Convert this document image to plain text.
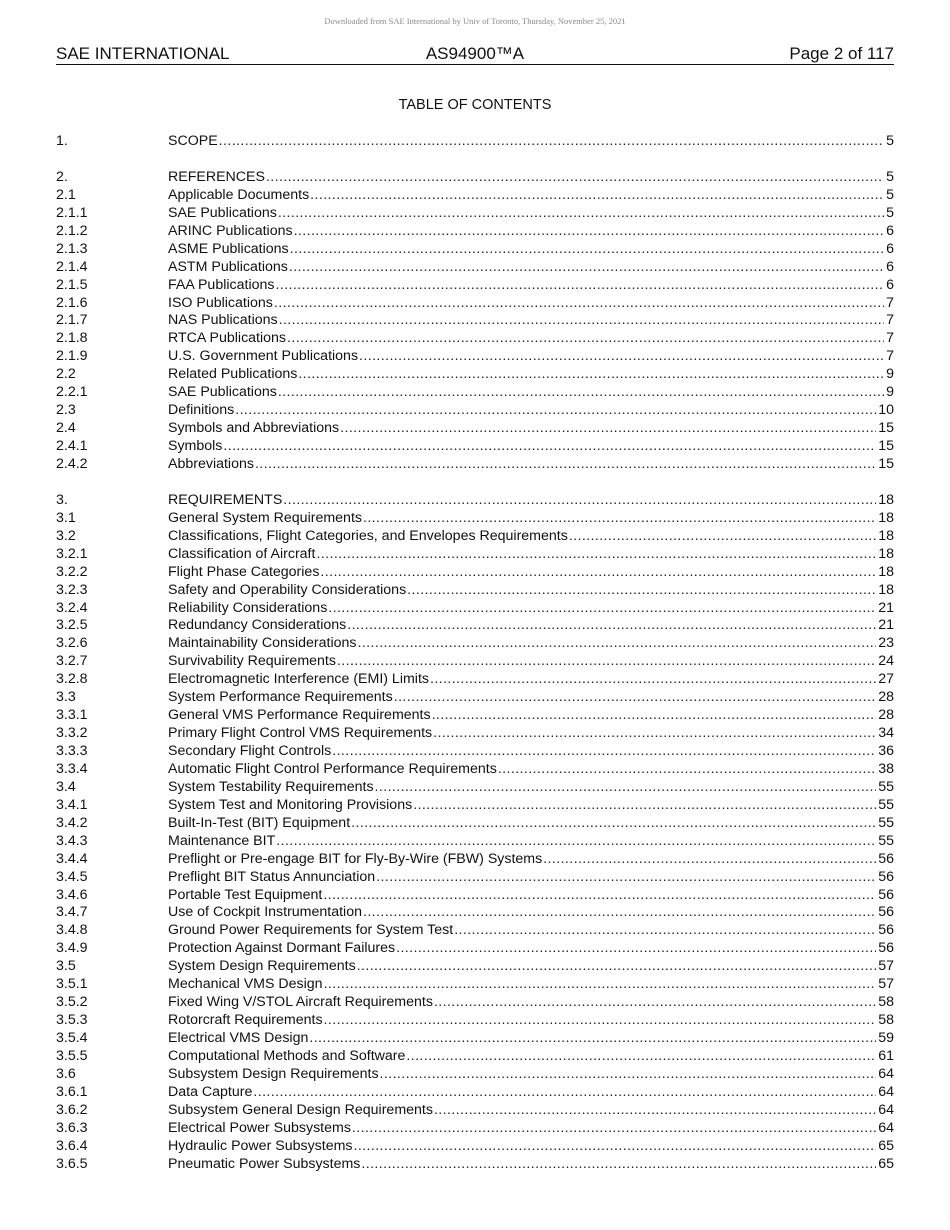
Downloaded from SAE International by Univ of Toronto, Thursday, November 25, 2021
SAE INTERNATIONAL	AS94900™A	Page 2 of 117
TABLE OF CONTENTS
1.	SCOPE .....	5
2.	REFERENCES .....	5
2.1	Applicable Documents .....	5
2.1.1	SAE Publications .....	5
2.1.2	ARINC Publications .....	6
2.1.3	ASME Publications .....	6
2.1.4	ASTM Publications .....	6
2.1.5	FAA Publications .....	6
2.1.6	ISO Publications .....	7
2.1.7	NAS Publications .....	7
2.1.8	RTCA Publications .....	7
2.1.9	U.S. Government Publications .....	7
2.2	Related Publications .....	9
2.2.1	SAE Publications .....	9
2.3	Definitions .....	10
2.4	Symbols and Abbreviations .....	15
2.4.1	Symbols .....	15
2.4.2	Abbreviations .....	15
3.	REQUIREMENTS .....	18
3.1	General System Requirements .....	18
3.2	Classifications, Flight Categories, and Envelopes Requirements .....	18
3.2.1	Classification of Aircraft .....	18
3.2.2	Flight Phase Categories .....	18
3.2.3	Safety and Operability Considerations .....	18
3.2.4	Reliability Considerations .....	21
3.2.5	Redundancy Considerations .....	21
3.2.6	Maintainability Considerations .....	23
3.2.7	Survivability Requirements .....	24
3.2.8	Electromagnetic Interference (EMI) Limits .....	27
3.3	System Performance Requirements .....	28
3.3.1	General VMS Performance Requirements .....	28
3.3.2	Primary Flight Control VMS Requirements .....	34
3.3.3	Secondary Flight Controls .....	36
3.3.4	Automatic Flight Control Performance Requirements .....	38
3.4	System Testability Requirements .....	55
3.4.1	System Test and Monitoring Provisions .....	55
3.4.2	Built-In-Test (BIT) Equipment .....	55
3.4.3	Maintenance BIT .....	55
3.4.4	Preflight or Pre-engage BIT for Fly-By-Wire (FBW) Systems .....	56
3.4.5	Preflight BIT Status Annunciation .....	56
3.4.6	Portable Test Equipment .....	56
3.4.7	Use of Cockpit Instrumentation .....	56
3.4.8	Ground Power Requirements for System Test .....	56
3.4.9	Protection Against Dormant Failures .....	56
3.5	System Design Requirements .....	57
3.5.1	Mechanical VMS Design .....	57
3.5.2	Fixed Wing V/STOL Aircraft Requirements .....	58
3.5.3	Rotorcraft Requirements .....	58
3.5.4	Electrical VMS Design .....	59
3.5.5	Computational Methods and Software .....	61
3.6	Subsystem Design Requirements .....	64
3.6.1	Data Capture .....	64
3.6.2	Subsystem General Design Requirements .....	64
3.6.3	Electrical Power Subsystems .....	64
3.6.4	Hydraulic Power Subsystems .....	65
3.6.5	Pneumatic Power Subsystems .....	65
